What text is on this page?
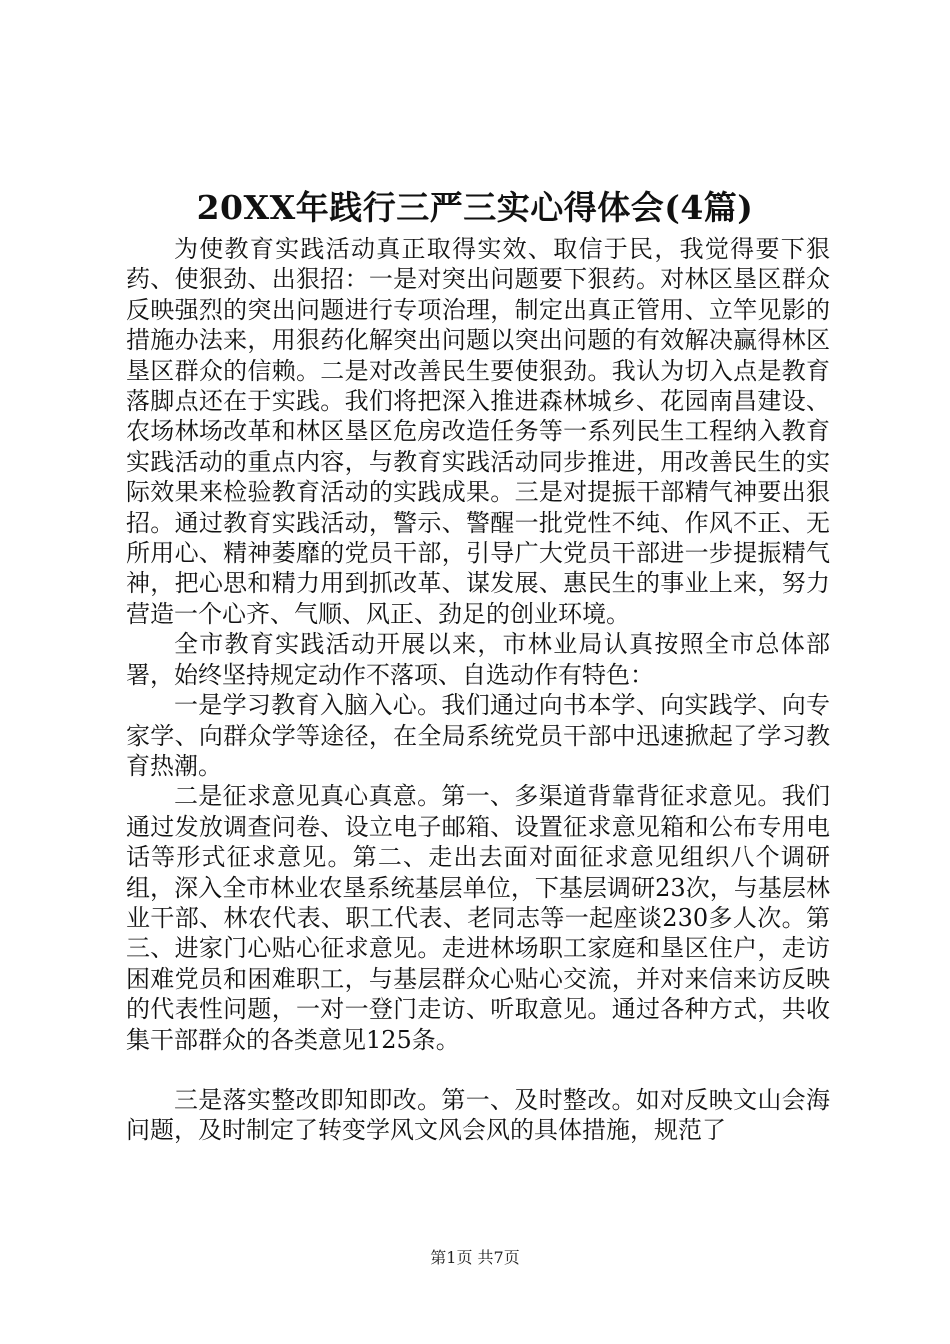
20XX年践行三严三实心得体会(4篇)

为使教育实践活动真正取得实效、取信于民，我觉得要下狠药、使狠劲、出狠招：一是对突出问题要下狠药。对林区垦区群众反映强烈的突出问题进行专项治理，制定出真正管用、立竿见影的措施办法来，用狠药化解突出问题以突出问题的有效解决赢得林区垦区群众的信赖。二是对改善民生要使狠劲。我认为切入点是教育落脚点还在于实践。我们将把深入推进森林城乡、花园南昌建设、农场林场改革和林区垦区危房改造任务等一系列民生工程纳入教育实践活动的重点内容，与教育实践活动同步推进，用改善民生的实际效果来检验教育活动的实践成果。三是对提振干部精气神要出狠招。通过教育实践活动，警示、警醒一批党性不纯、作风不正、无所用心、精神萎靡的党员干部，引导广大党员干部进一步提振精气神，把心思和精力用到抓改革、谋发展、惠民生的事业上来，努力营造一个心齐、气顺、风正、劲足的创业环境。

全市教育实践活动开展以来，市林业局认真按照全市总体部署，始终坚持规定动作不落项、自选动作有特色：

一是学习教育入脑入心。我们通过向书本学、向实践学、向专家学、向群众学等途径，在全局系统党员干部中迅速掀起了学习教育热潮。

二是征求意见真心真意。第一、多渠道背靠背征求意见。我们通过发放调查问卷、设立电子邮箱、设置征求意见箱和公布专用电话等形式征求意见。第二、走出去面对面征求意见组织八个调研组，深入全市林业农垦系统基层单位，下基层调研23次，与基层林业干部、林农代表、职工代表、老同志等一起座谈230多人次。第三、进家门心贴心征求意见。走进林场职工家庭和垦区住户，走访困难党员和困难职工，与基层群众心贴心交流，并对来信来访反映的代表性问题，一对一登门走访、听取意见。通过各种方式，共收集干部群众的各类意见125条。

三是落实整改即知即改。第一、及时整改。如对反映文山会海问题，及时制定了转变学风文风会风的具体措施，规范了

第1页 共7页
